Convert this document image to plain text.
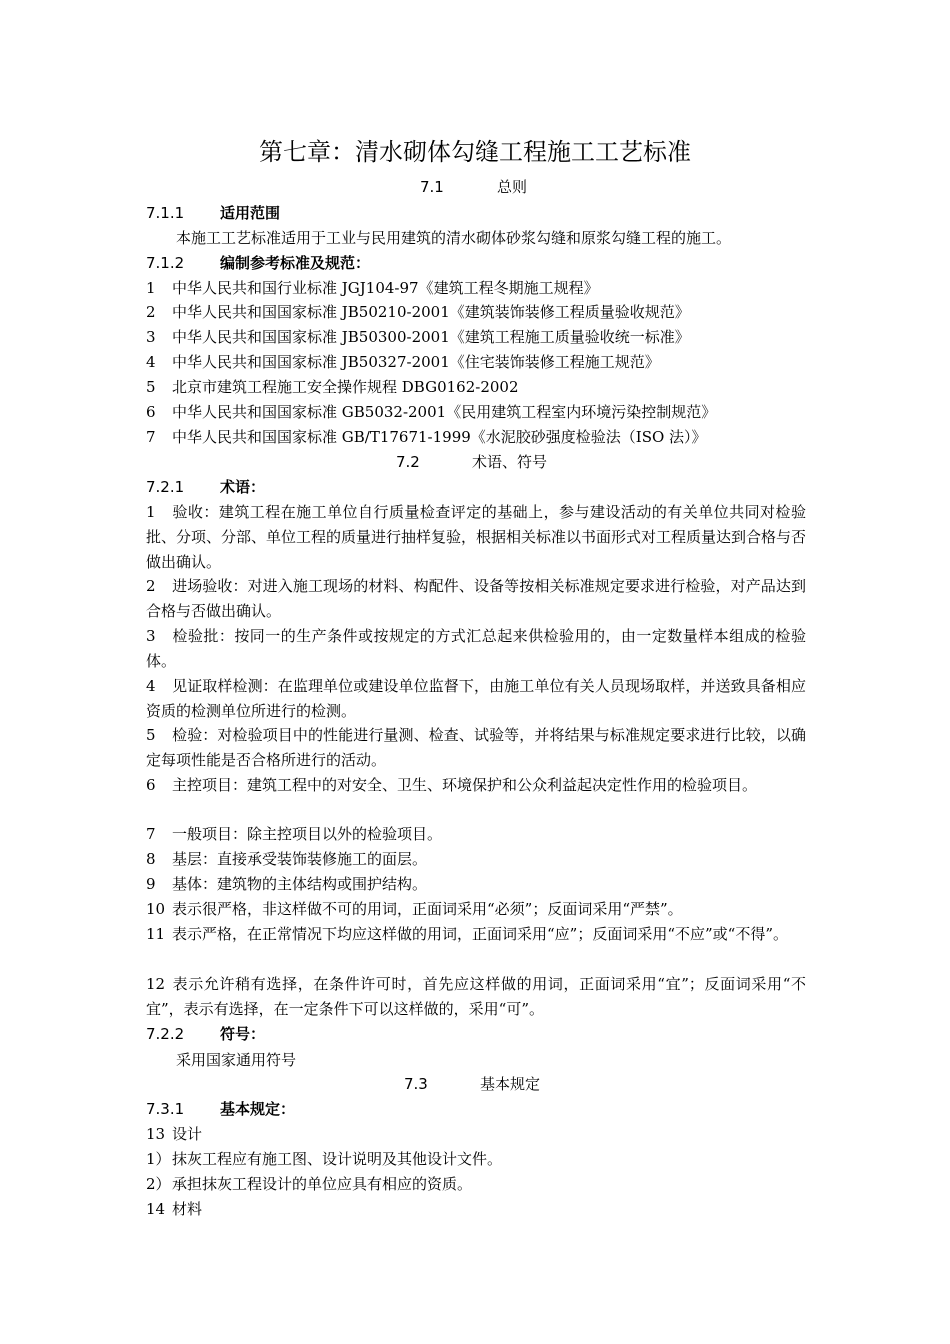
第七章：清水砌体勾缝工程施工工艺标准
7.1	总则
7.1.1 适用范围
本施工工艺标准适用于工业与民用建筑的清水砌体砂浆勾缝和原浆勾缝工程的施工。
7.1.2 编制参考标准及规范：
1 中华人民共和国行业标准 JGJ104-97《建筑工程冬期施工规程》
2 中华人民共和国国家标准 JB50210-2001《建筑装饰装修工程质量验收规范》
3 中华人民共和国国家标准 JB50300-2001《建筑工程施工质量验收统一标准》
4 中华人民共和国国家标准 JB50327-2001《住宅装饰装修工程施工规范》
5 北京市建筑工程施工安全操作规程 DBG0162-2002
6 中华人民共和国国家标准 GB5032-2001《民用建筑工程室内环境污染控制规范》
7 中华人民共和国国家标准 GB/T17671-1999《水泥胶砂强度检验法（ISO 法）》
7.2	术语、符号
7.2.1 术语：
1 验收：建筑工程在施工单位自行质量检查评定的基础上，参与建设活动的有关单位共同对检验批、分项、分部、单位工程的质量进行抽样复验，根据相关标准以书面形式对工程质量达到合格与否做出确认。
2 进场验收：对进入施工现场的材料、构配件、设备等按相关标准规定要求进行检验，对产品达到合格与否做出确认。
3 检验批：按同一的生产条件或按规定的方式汇总起来供检验用的，由一定数量样本组成的检验体。
4 见证取样检测：在监理单位或建设单位监督下，由施工单位有关人员现场取样，并送致具备相应资质的检测单位所进行的检测。
5 检验：对检验项目中的性能进行量测、检查、试验等，并将结果与标准规定要求进行比较，以确定每项性能是否合格所进行的活动。
6 主控项目：建筑工程中的对安全、卫生、环境保护和公众利益起决定性作用的检验项目。
7 一般项目：除主控项目以外的检验项目。
8 基层：直接承受装饰装修施工的面层。
9 基体：建筑物的主体结构或围护结构。
10 表示很严格，非这样做不可的用词，正面词采用“必须”；反面词采用“严禁”。
11 表示严格，在正常情况下均应这样做的用词，正面词采用“应”；反面词采用“不应”或“不得”。
12 表示允许稍有选择，在条件许可时，首先应这样做的用词，正面词采用“宜”；反面词采用“不宜”，表示有选择，在一定条件下可以这样做的，采用“可”。
7.2.2 符号：
采用国家通用符号
7.3	基本规定
7.3.1 基本规定：
13 设计
1）抹灰工程应有施工图、设计说明及其他设计文件。
2）承担抹灰工程设计的单位应具有相应的资质。
14 材料
